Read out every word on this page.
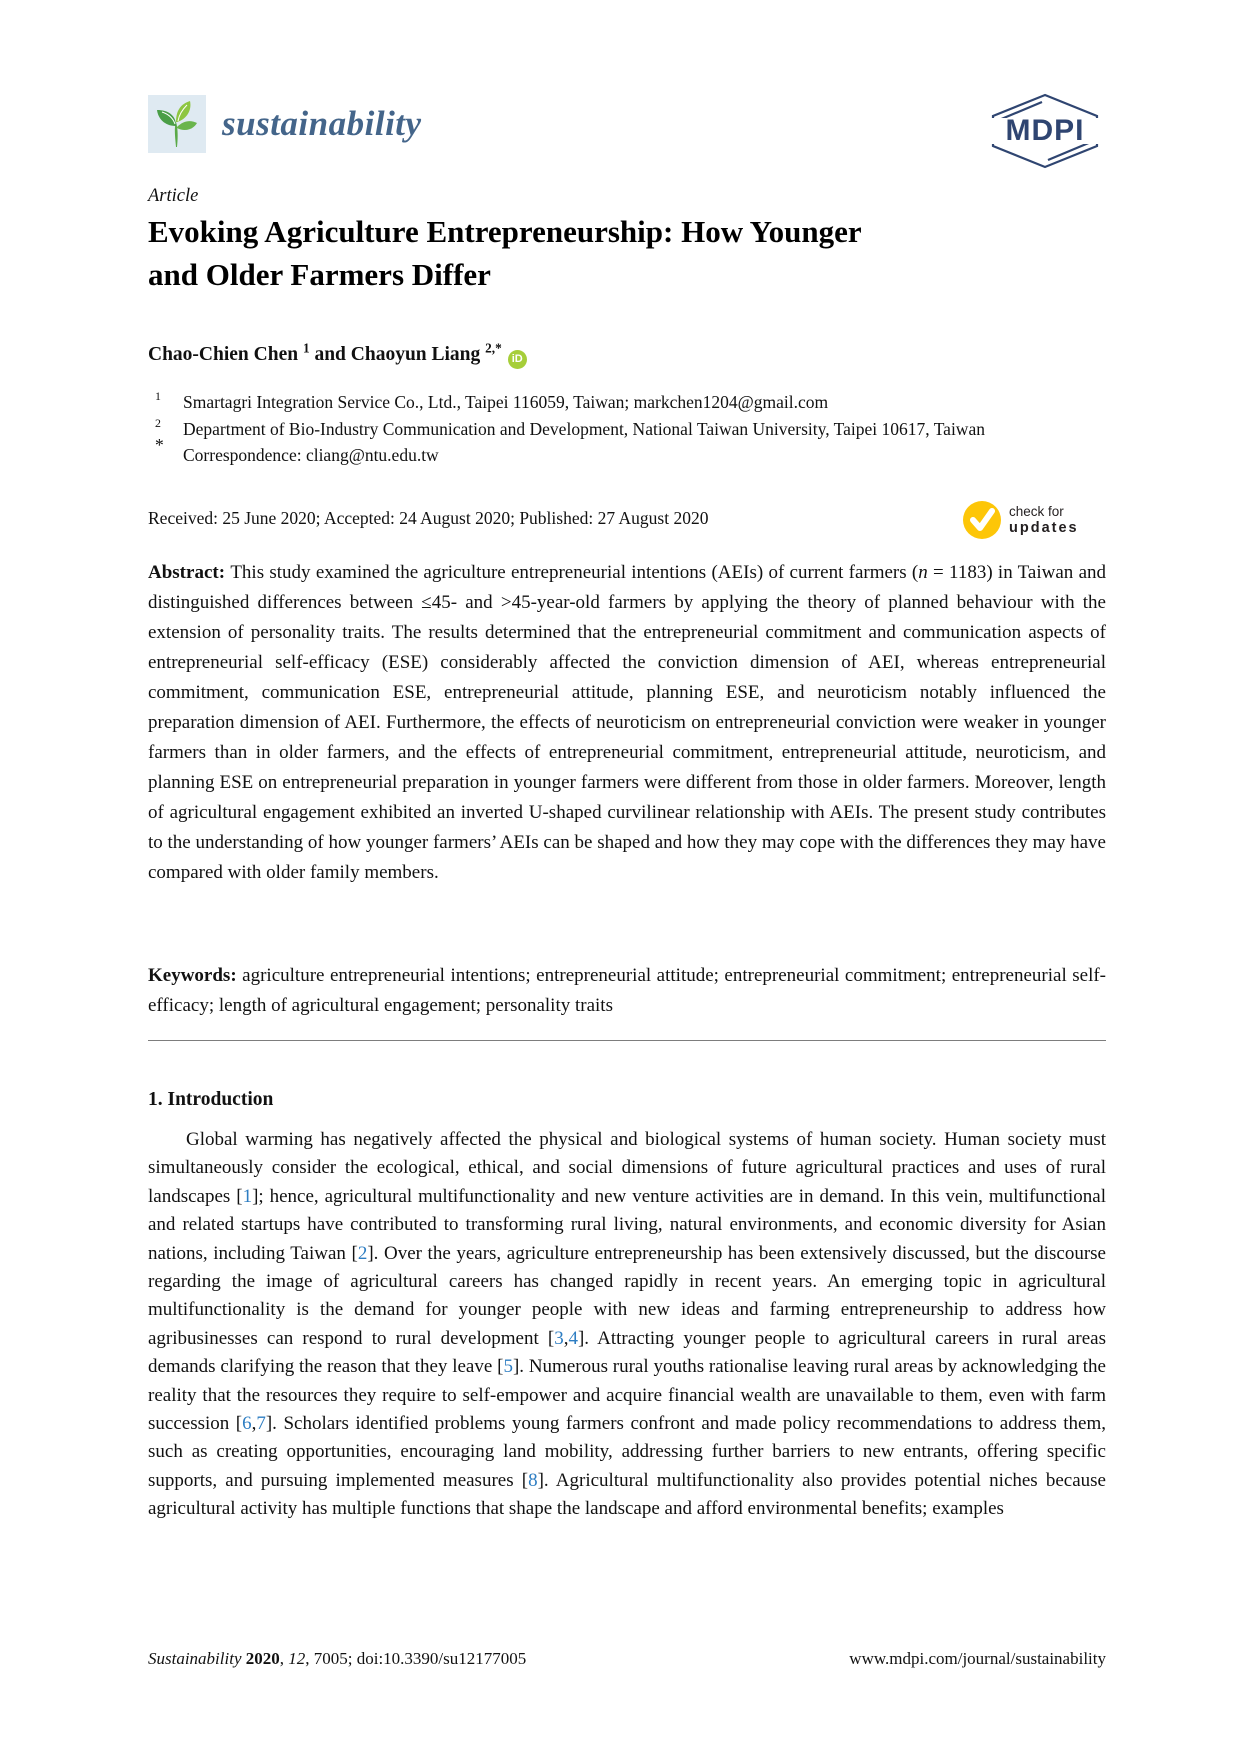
sustainability	MDPI
Article
Evoking Agriculture Entrepreneurship: How Younger
and Older Farmers Differ
Chao-Chien Chen $^1$ and Chaoyun Liang $^{2,*}$iD
1	Smartagri Integration Service Co., Ltd., Taipei 116059, Taiwan; markchen1204@gmail.com
2	Department of Bio-Industry Communication and Development, National Taiwan University, Taipei 10617, Taiwan
*	Correspondence: cliang@ntu.edu.tw
Received: 25 June 2020; Accepted: 24 August 2020; Published: 27 August 2020	check for
updates

Abstract: This study examined the agriculture entrepreneurial intentions (AEIs) of current farmers (n = 1183) in Taiwan and distinguished differences between ≤45- and >45-year-old farmers by applying the theory of planned behaviour with the extension of personality traits. The results determined that the entrepreneurial commitment and communication aspects of entrepreneurial self-efficacy (ESE) considerably affected the conviction dimension of AEI, whereas entrepreneurial commitment, communication ESE, entrepreneurial attitude, planning ESE, and neuroticism notably influenced the preparation dimension of AEI. Furthermore, the effects of neuroticism on entrepreneurial conviction were weaker in younger farmers than in older farmers, and the effects of entrepreneurial commitment, entrepreneurial attitude, neuroticism, and planning ESE on entrepreneurial preparation in younger farmers were different from those in older farmers. Moreover, length of agricultural engagement exhibited an inverted U-shaped curvilinear relationship with AEIs. The present study contributes to the understanding of how younger farmers’ AEIs can be shaped and how they may cope with the differences they may have compared with older family members.

Keywords: agriculture entrepreneurial intentions; entrepreneurial attitude; entrepreneurial commitment; entrepreneurial self-efficacy; length of agricultural engagement; personality traits

1. Introduction

Global warming has negatively affected the physical and biological systems of human society. Human society must simultaneously consider the ecological, ethical, and social dimensions of future agricultural practices and uses of rural landscapes [1]; hence, agricultural multifunctionality and new venture activities are in demand. In this vein, multifunctional and related startups have contributed to transforming rural living, natural environments, and economic diversity for Asian nations, including Taiwan [2]. Over the years, agriculture entrepreneurship has been extensively discussed, but the discourse regarding the image of agricultural careers has changed rapidly in recent years. An emerging topic in agricultural multifunctionality is the demand for younger people with new ideas and farming entrepreneurship to address how agribusinesses can respond to rural development [3,4]. Attracting younger people to agricultural careers in rural areas demands clarifying the reason that they leave [5]. Numerous rural youths rationalise leaving rural areas by acknowledging the reality that the resources they require to self-empower and acquire financial wealth are unavailable to them, even with farm succession [6,7]. Scholars identified problems young farmers confront and made policy recommendations to address them, such as creating opportunities, encouraging land mobility, addressing further barriers to new entrants, offering specific supports, and pursuing implemented measures [8]. Agricultural multifunctionality also provides potential niches because agricultural activity has multiple functions that shape the landscape and afford environmental benefits; examples

Sustainability 2020, 12, 7005; doi:10.3390/su12177005	www.mdpi.com/journal/sustainability
